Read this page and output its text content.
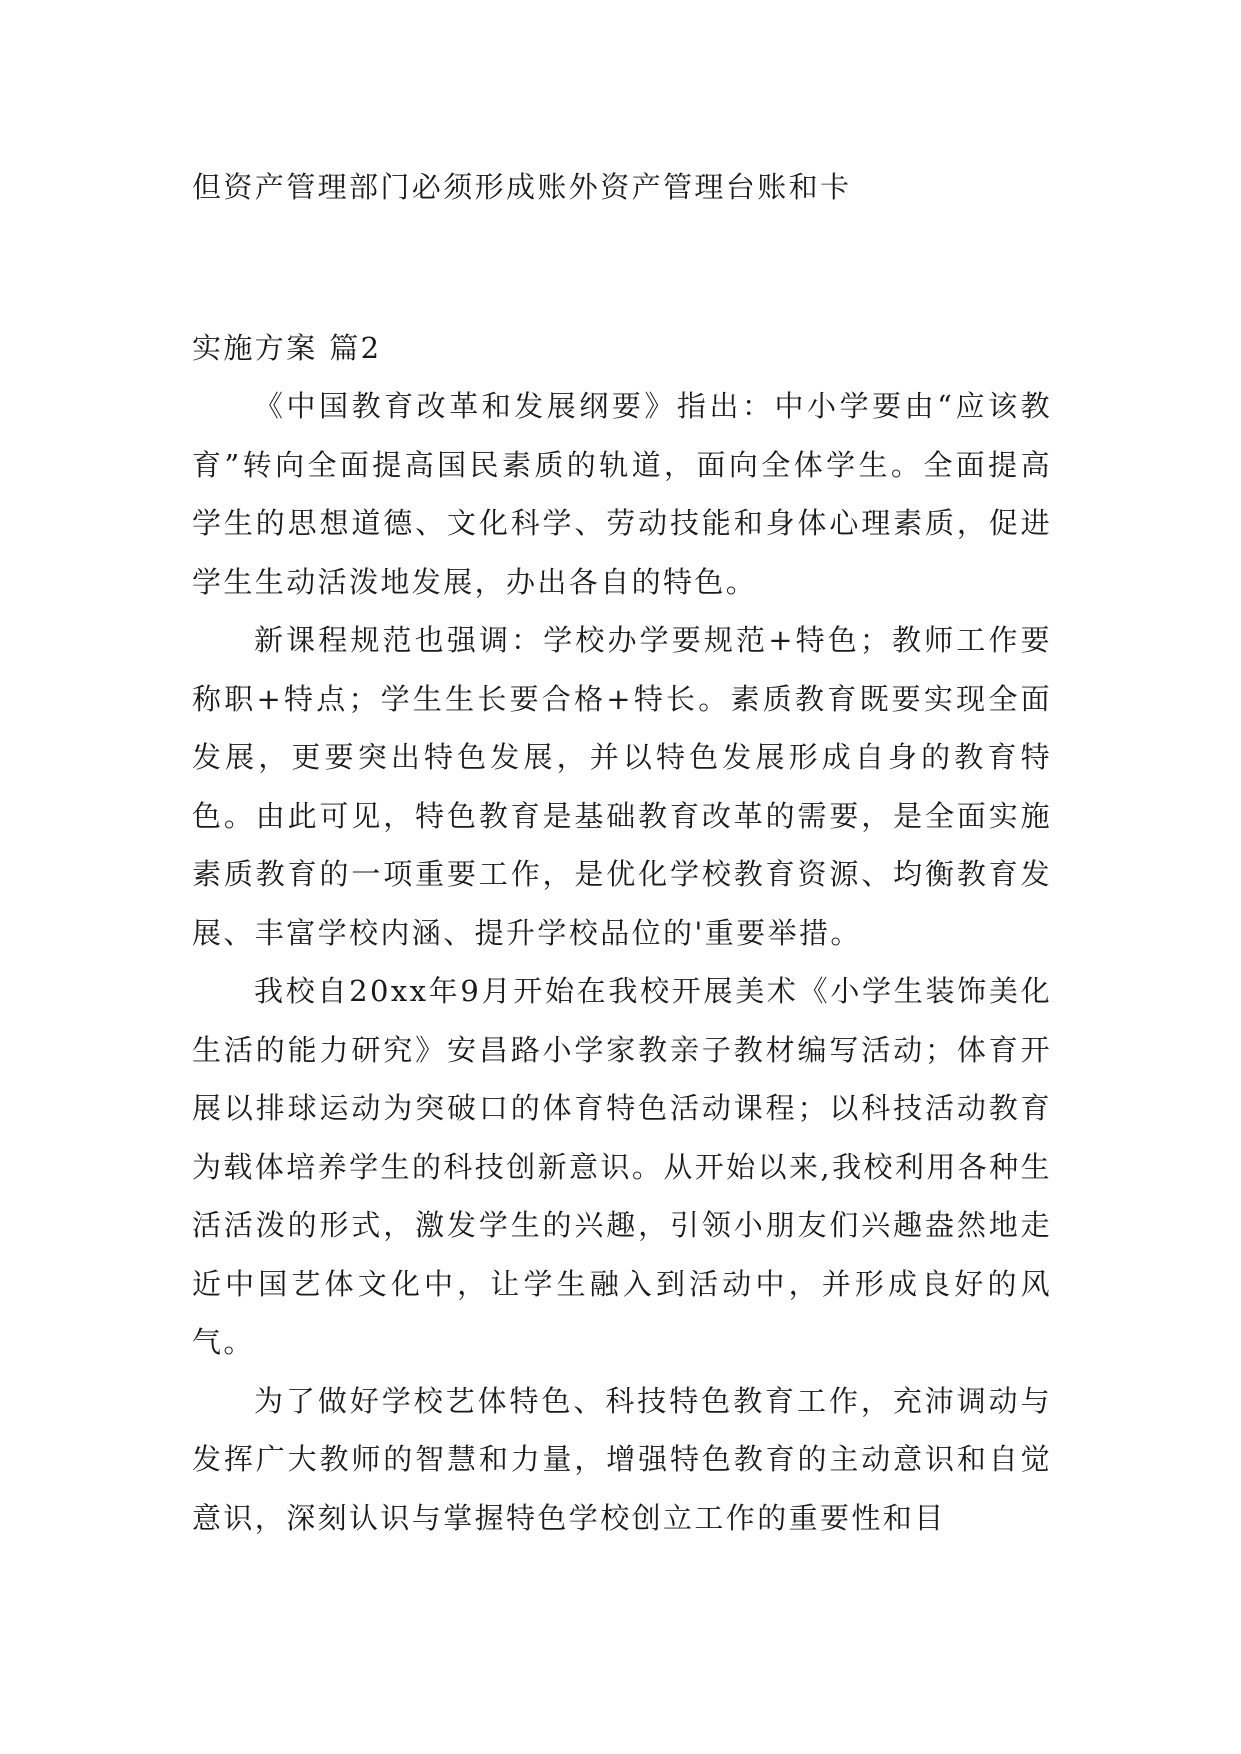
但资产管理部门必须形成账外资产管理台账和卡

实施方案 篇2

《中国教育改革和发展纲要》指出：中小学要由“应该教育”转向全面提高国民素质的轨道，面向全体学生。全面提高学生的思想道德、文化科学、劳动技能和身体心理素质，促进学生生动活泼地发展，办出各自的特色。

新课程规范也强调：学校办学要规范+特色；教师工作要称职+特点；学生生长要合格+特长。素质教育既要实现全面发展，更要突出特色发展，并以特色发展形成自身的教育特色。由此可见，特色教育是基础教育改革的需要，是全面实施素质教育的一项重要工作，是优化学校教育资源、均衡教育发展、丰富学校内涵、提升学校品位的'重要举措。

我校自20xx年9月开始在我校开展美术《小学生装饰美化生活的能力研究》安昌路小学家教亲子教材编写活动；体育开展以排球运动为突破口的体育特色活动课程；以科技活动教育为载体培养学生的科技创新意识。从开始以来,我校利用各种生活活泼的形式，激发学生的兴趣，引领小朋友们兴趣盎然地走近中国艺体文化中，让学生融入到活动中，并形成良好的风气。

为了做好学校艺体特色、科技特色教育工作，充沛调动与发挥广大教师的智慧和力量，增强特色教育的主动意识和自觉意识，深刻认识与掌握特色学校创立工作的重要性和目
